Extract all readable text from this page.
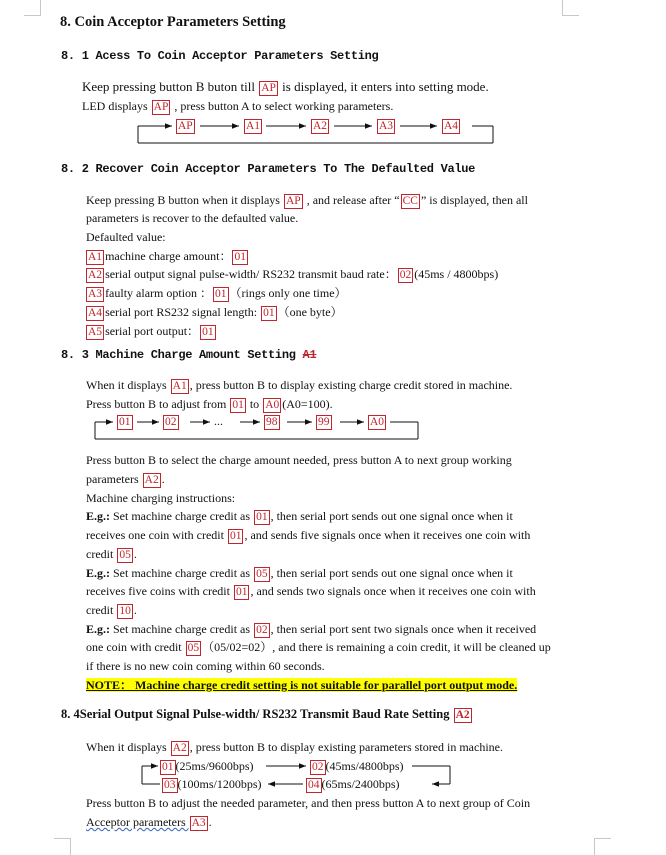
8. Coin Acceptor Parameters Setting
8. 1 Acess To Coin Acceptor Parameters Setting
Keep pressing button B buton till AP is displayed, it enters into setting mode.
LED displays AP , press button A to select working parameters.
AP	A1	A2	A3	A4
8. 2 Recover Coin Acceptor Parameters To The Defaulted Value
Keep pressing B button when it displays AP , and release after “ CC ” is displayed, then all
parameters is recover to the defaulted value.
Defaulted value:
A1 machine charge amount： 01
A2 serial output signal pulse-width/ RS232 transmit baud rate： 02 (45ms / 4800bps)
A3 faulty alarm option ： 01 （rings only one time）
A4 serial port RS232 signal length: 01 （one byte）
A5 serial port output： 01
8. 3 Machine Charge Amount Setting A1
When it displays A1 , press button B to display existing charge credit stored in machine.
Press button B to adjust from 01 to A0 (A0=100).
01	02	...	98	99	A0
Press button B to select the charge amount needed, press button A to next group working
parameters A2 .
Machine charging instructions:
E.g.: Set machine charge credit as 01 , then serial port sends out one signal once when it
receives one coin with credit 01 , and sends five signals once when it receives one coin with
credit 05 .
E.g.: Set machine charge credit as 05 , then serial port sends out one signal once when it
receives five coins with credit 01 , and sends two signals once when it receives one coin with
credit 10 .
E.g.: Set machine charge credit as 02 , then serial port sent two signals once when it received
one coin with credit 05 （05/02=02）, and there is remaining a coin credit, it will be cleaned up
if there is no new coin coming within 60 seconds.
NOTE： Machine charge credit setting is not suitable for parallel port output mode.
8. 4Serial Output Signal Pulse-width/ RS232 Transmit Baud Rate Setting A2
When it displays A2 , press button B to display existing parameters stored in machine.
01 (25ms/9600bps)	02 (45ms/4800bps)
03 (100ms/1200bps)	04 (65ms/2400bps)
Press button B to adjust the needed parameter, and then press button A to next group of Coin
Acceptor parameters A3 .
